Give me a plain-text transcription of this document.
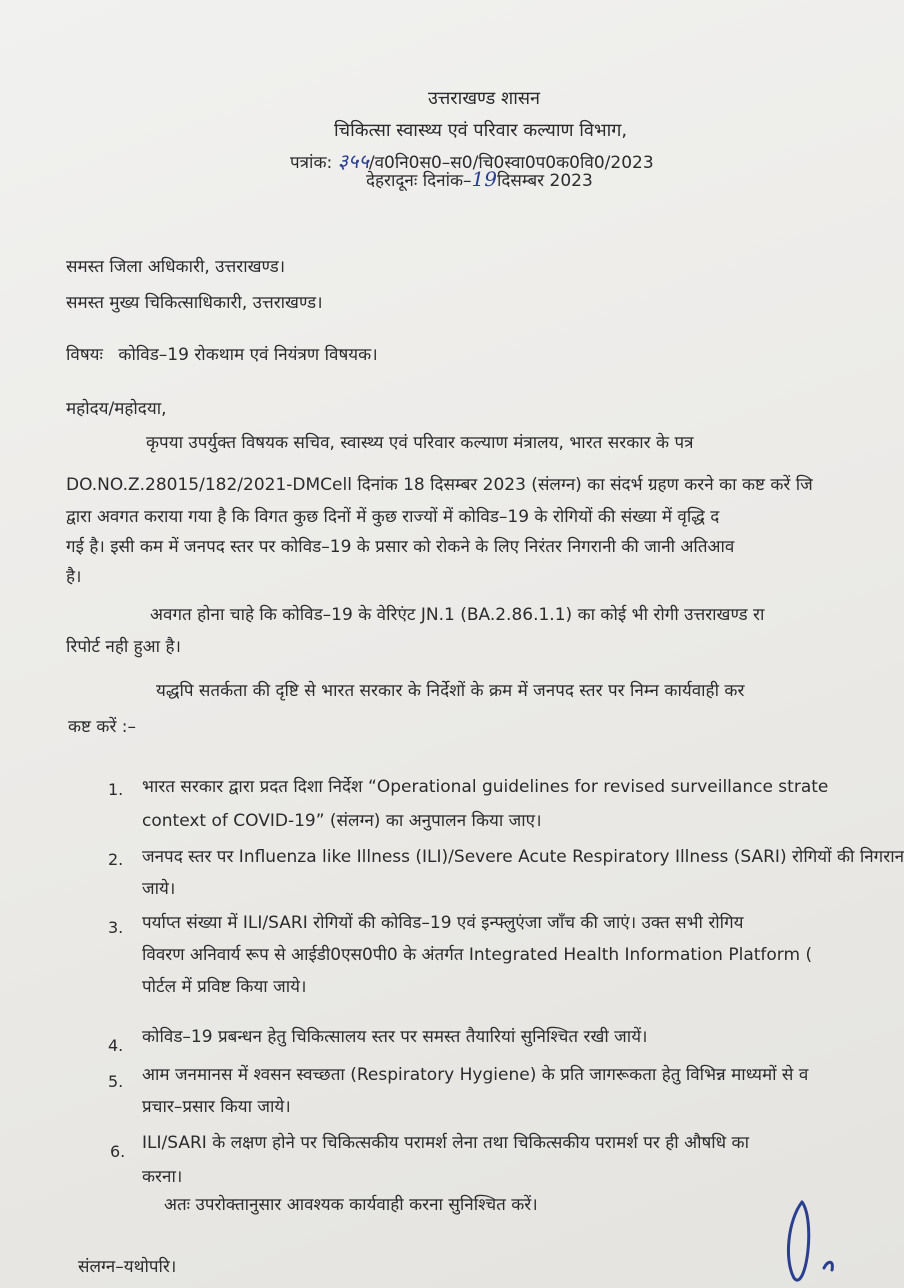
उत्तराखण्ड शासन
चिकित्सा स्वास्थ्य एवं परिवार कल्याण विभाग,
पत्रांक: ३५५/व0नि0स0–स0/चि0स्वा0प0क0वि0/2023
देहरादूनः दिनांक–19दिसम्बर 2023
समस्त जिला अधिकारी, उत्तराखण्ड।
समस्त मुख्य चिकित्साधिकारी, उत्तराखण्ड।
विषयः कोविड–19 रोकथाम एवं नियंत्रण विषयक।
महोदय/महोदया,
कृपया उपर्युक्त विषयक सचिव, स्वास्थ्य एवं परिवार कल्याण मंत्रालय, भारत सरकार के पत्र
DO.NO.Z.28015/182/2021-DMCell दिनांक 18 दिसम्बर 2023 (संलग्न) का संदर्भ ग्रहण करने का कष्ट करें जि
द्वारा अवगत कराया गया है कि विगत कुछ दिनों में कुछ राज्यों में कोविड–19 के रोगियों की संख्या में वृद्धि द
गई है। इसी कम में जनपद स्तर पर कोविड–19 के प्रसार को रोकने के लिए निरंतर निगरानी की जानी अतिआव
है।
अवगत होना चाहे कि कोविड–19 के वेरिएंट JN.1 (BA.2.86.1.1) का कोई भी रोगी उत्तराखण्ड रा
रिपोर्ट नही हुआ है।
यद्धपि सतर्कता की दृष्टि से भारत सरकार के निर्देशों के क्रम में जनपद स्तर पर निम्न कार्यवाही कर
कष्ट करें :–
1. भारत सरकार द्वारा प्रदत दिशा निर्देश “Operational guidelines for revised surveillance strate
context of COVID-19” (संलग्न) का अनुपालन किया जाए।
2. जनपद स्तर पर Influenza like Illness (ILI)/Severe Acute Respiratory Illness (SARI) रोगियों की निगरान
जाये।
3. पर्याप्त संख्या में ILI/SARI रोगियों की कोविड–19 एवं इन्फ्लुएंजा जाँच की जाएं। उक्त सभी रोगिय
विवरण अनिवार्य रूप से आईडी0एस0पी0 के अंतर्गत Integrated Health Information Platform (
पोर्टल में प्रविष्ट किया जाये।
4. कोविड–19 प्रबन्धन हेतु चिकित्सालय स्तर पर समस्त तैयारियां सुनिश्चित रखी जायें।
5. आम जनमानस में श्वसन स्वच्छता (Respiratory Hygiene) के प्रति जागरूकता हेतु विभिन्न माध्यमों से व
प्रचार–प्रसार किया जाये।
6. ILI/SARI के लक्षण होने पर चिकित्सकीय परामर्श लेना तथा चिकित्सकीय परामर्श पर ही औषधि का
करना।
अतः उपरोक्तानुसार आवश्यक कार्यवाही करना सुनिश्चित करें।
संलग्न–यथोपरि।
